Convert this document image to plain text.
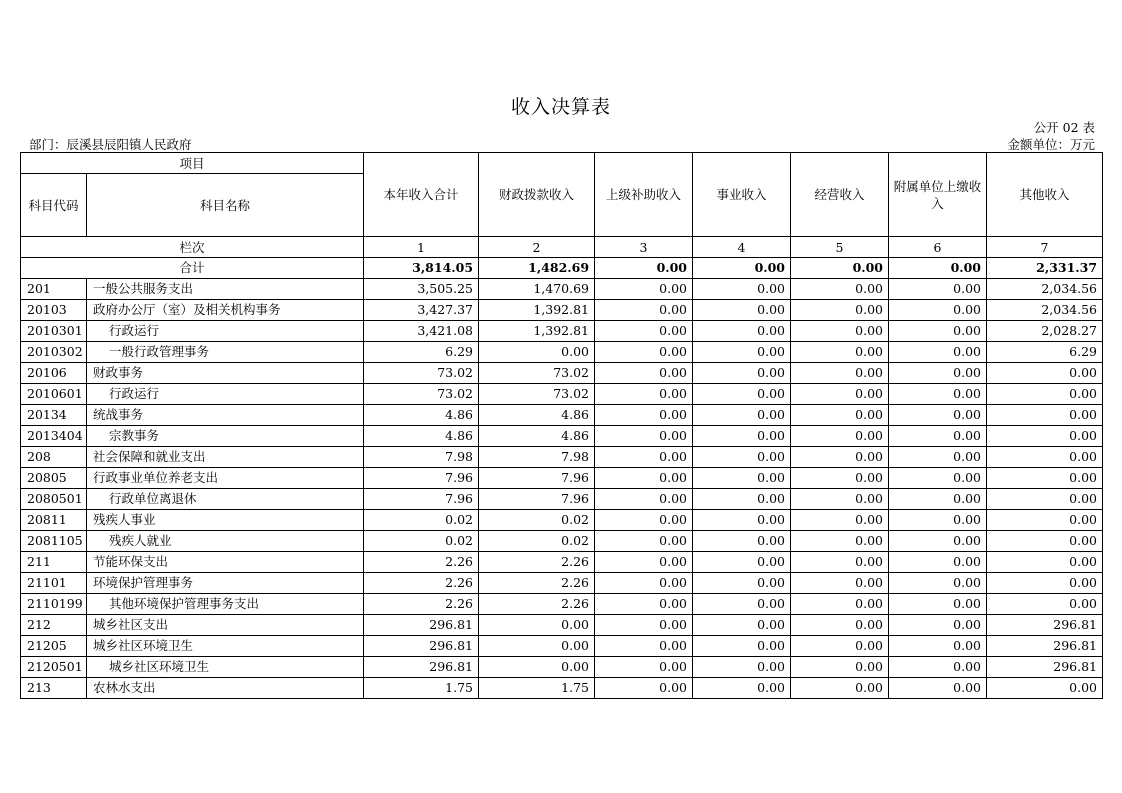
收入决算表
公开 02 表
部门：辰溪县辰阳镇人民政府	金额单位：万元
项目		本年收入合计	财政拨款收入	上级补助收入	事业收入	经营收入	附属单位上缴收入	其他收入
科目代码	科目名称							
栏次		1	2	3	4	5	6	7
合计		3,814.05	1,482.69	0.00	0.00	0.00	0.00	2,331.37
201	一般公共服务支出	3,505.25	1,470.69	0.00	0.00	0.00	0.00	2,034.56
20103	政府办公厅（室）及相关机构事务	3,427.37	1,392.81	0.00	0.00	0.00	0.00	2,034.56
2010301	行政运行	3,421.08	1,392.81	0.00	0.00	0.00	0.00	2,028.27
2010302	一般行政管理事务	6.29	0.00	0.00	0.00	0.00	0.00	6.29
20106	财政事务	73.02	73.02	0.00	0.00	0.00	0.00	0.00
2010601	行政运行	73.02	73.02	0.00	0.00	0.00	0.00	0.00
20134	统战事务	4.86	4.86	0.00	0.00	0.00	0.00	0.00
2013404	宗教事务	4.86	4.86	0.00	0.00	0.00	0.00	0.00
208	社会保障和就业支出	7.98	7.98	0.00	0.00	0.00	0.00	0.00
20805	行政事业单位养老支出	7.96	7.96	0.00	0.00	0.00	0.00	0.00
2080501	行政单位离退休	7.96	7.96	0.00	0.00	0.00	0.00	0.00
20811	残疾人事业	0.02	0.02	0.00	0.00	0.00	0.00	0.00
2081105	残疾人就业	0.02	0.02	0.00	0.00	0.00	0.00	0.00
211	节能环保支出	2.26	2.26	0.00	0.00	0.00	0.00	0.00
21101	环境保护管理事务	2.26	2.26	0.00	0.00	0.00	0.00	0.00
2110199	其他环境保护管理事务支出	2.26	2.26	0.00	0.00	0.00	0.00	0.00
212	城乡社区支出	296.81	0.00	0.00	0.00	0.00	0.00	296.81
21205	城乡社区环境卫生	296.81	0.00	0.00	0.00	0.00	0.00	296.81
2120501	城乡社区环境卫生	296.81	0.00	0.00	0.00	0.00	0.00	296.81
213	农林水支出	1.75	1.75	0.00	0.00	0.00	0.00	0.00
